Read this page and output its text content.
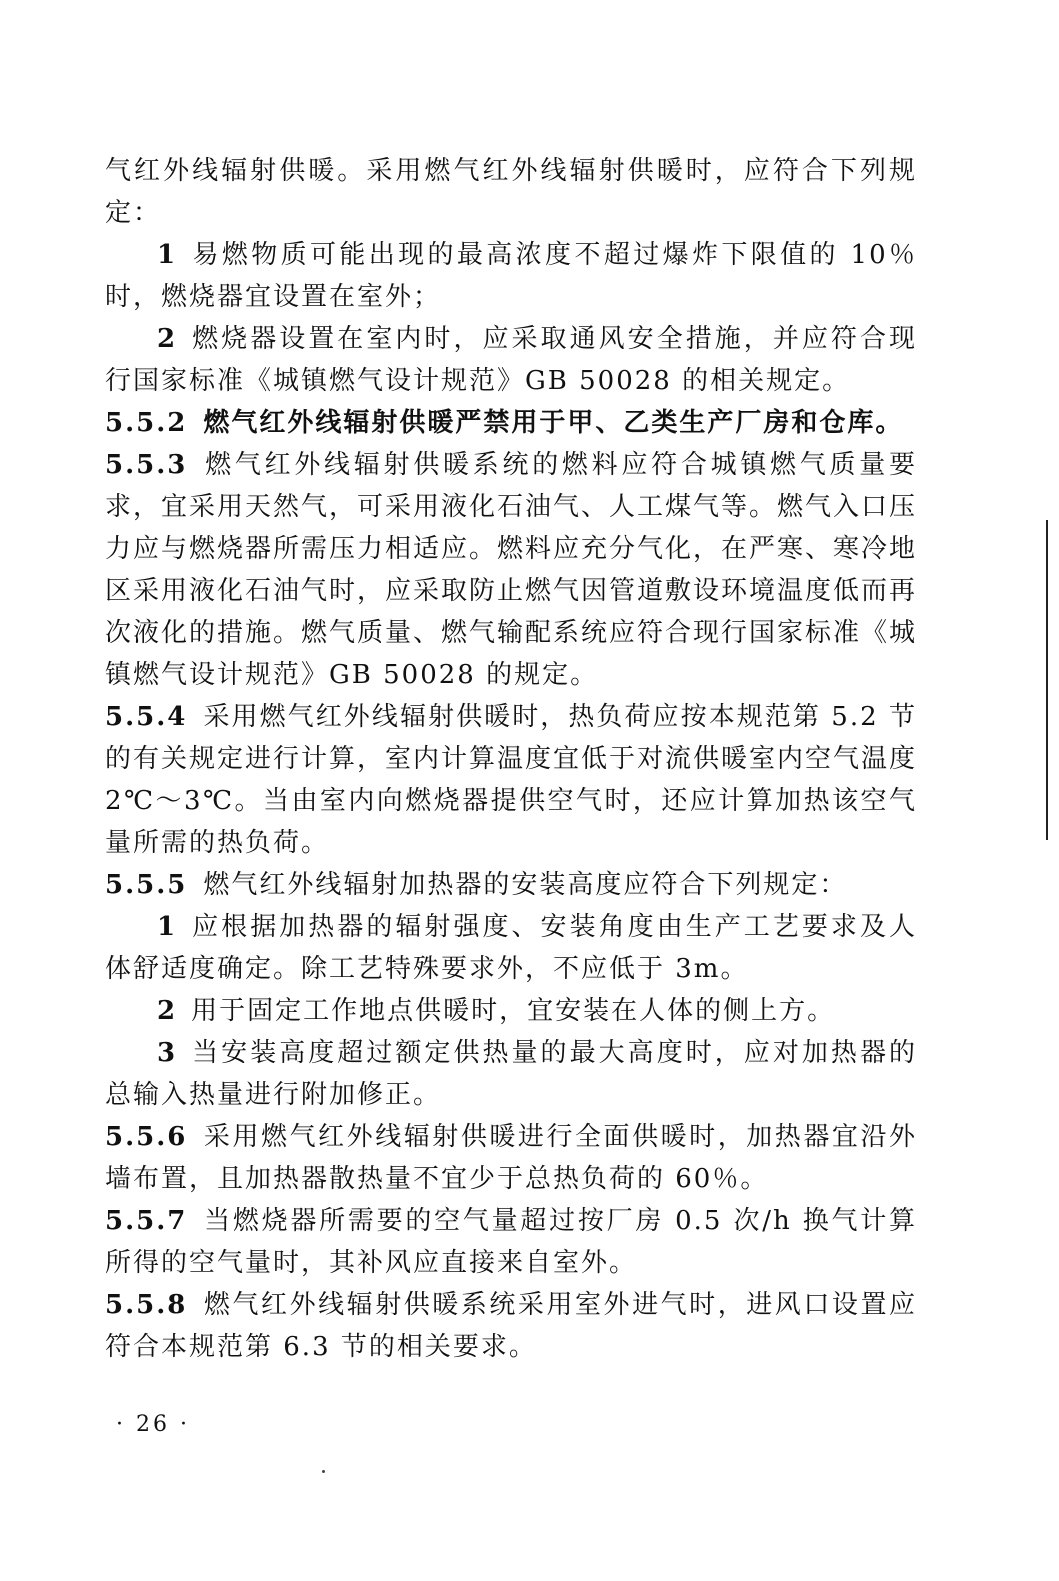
气红外线辐射供暖。采用燃气红外线辐射供暖时，应符合下列规定：

1 易燃物质可能出现的最高浓度不超过爆炸下限值的 10％时，燃烧器宜设置在室外；

2 燃烧器设置在室内时，应采取通风安全措施，并应符合现行国家标准《城镇燃气设计规范》GB 50028 的相关规定。

5.5.2 燃气红外线辐射供暖严禁用于甲、乙类生产厂房和仓库。

5.5.3 燃气红外线辐射供暖系统的燃料应符合城镇燃气质量要求，宜采用天然气，可采用液化石油气、人工煤气等。燃气入口压力应与燃烧器所需压力相适应。燃料应充分气化，在严寒、寒冷地区采用液化石油气时，应采取防止燃气因管道敷设环境温度低而再次液化的措施。燃气质量、燃气输配系统应符合现行国家标准《城镇燃气设计规范》GB 50028 的规定。

5.5.4 采用燃气红外线辐射供暖时，热负荷应按本规范第 5.2 节的有关规定进行计算，室内计算温度宜低于对流供暖室内空气温度 2℃～3℃。当由室内向燃烧器提供空气时，还应计算加热该空气量所需的热负荷。

5.5.5 燃气红外线辐射加热器的安装高度应符合下列规定：

1 应根据加热器的辐射强度、安装角度由生产工艺要求及人体舒适度确定。除工艺特殊要求外，不应低于 3m。

2 用于固定工作地点供暖时，宜安装在人体的侧上方。

3 当安装高度超过额定供热量的最大高度时，应对加热器的总输入热量进行附加修正。

5.5.6 采用燃气红外线辐射供暖进行全面供暖时，加热器宜沿外墙布置，且加热器散热量不宜少于总热负荷的 60％。

5.5.7 当燃烧器所需要的空气量超过按厂房 0.5 次/h 换气计算所得的空气量时，其补风应直接来自室外。

5.5.8 燃气红外线辐射供暖系统采用室外进气时，进风口设置应符合本规范第 6.3 节的相关要求。

· 26 ·
